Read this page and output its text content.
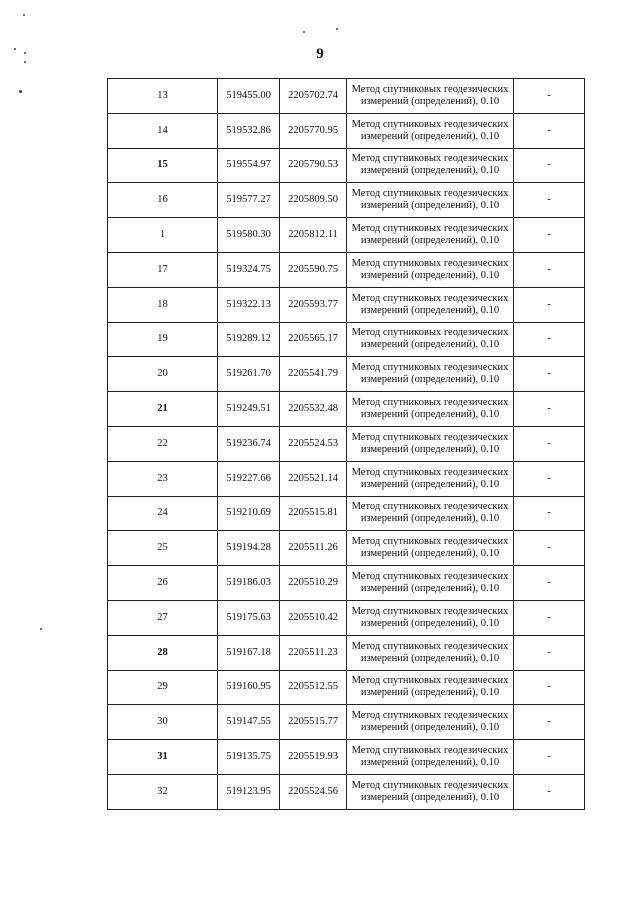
9
13	519455.00	2205702.74	Метод спутниковых геодезических измерений (определений), 0.10	-
14	519532.86	2205770.95	Метод спутниковых геодезических измерений (определений), 0.10	-
15	519554.97	2205790.53	Метод спутниковых геодезических измерений (определений), 0.10	-
16	519577.27	2205809.50	Метод спутниковых геодезических измерений (определений), 0.10	-
1	519580.30	2205812.11	Метод спутниковых геодезических измерений (определений), 0.10	-
17	519324.75	2205590.75	Метод спутниковых геодезических измерений (определений), 0.10	-
18	519322.13	2205593.77	Метод спутниковых геодезических измерений (определений), 0.10	-
19	519289.12	2205565.17	Метод спутниковых геодезических измерений (определений), 0.10	-
20	519261.70	2205541.79	Метод спутниковых геодезических измерений (определений), 0.10	-
21	519249.51	2205532.48	Метод спутниковых геодезических измерений (определений), 0.10	-
22	519236.74	2205524.53	Метод спутниковых геодезических измерений (определений), 0.10	-
23	519227.66	2205521.14	Метод спутниковых геодезических измерений (определений), 0.10	-
24	519210.69	2205515.81	Метод спутниковых геодезических измерений (определений), 0.10	-
25	519194.28	2205511.26	Метод спутниковых геодезических измерений (определений), 0.10	-
26	519186.03	2205510.29	Метод спутниковых геодезических измерений (определений), 0.10	-
27	519175.63	2205510.42	Метод спутниковых геодезических измерений (определений), 0.10	-
28	519167.18	2205511.23	Метод спутниковых геодезических измерений (определений), 0.10	-
29	519160.95	2205512.55	Метод спутниковых геодезических измерений (определений), 0.10	-
30	519147.55	2205515.77	Метод спутниковых геодезических измерений (определений), 0.10	-
31	519135.75	2205519.93	Метод спутниковых геодезических измерений (определений), 0.10	-
32	519123.95	2205524.56	Метод спутниковых геодезических измерений (определений), 0.10	-
